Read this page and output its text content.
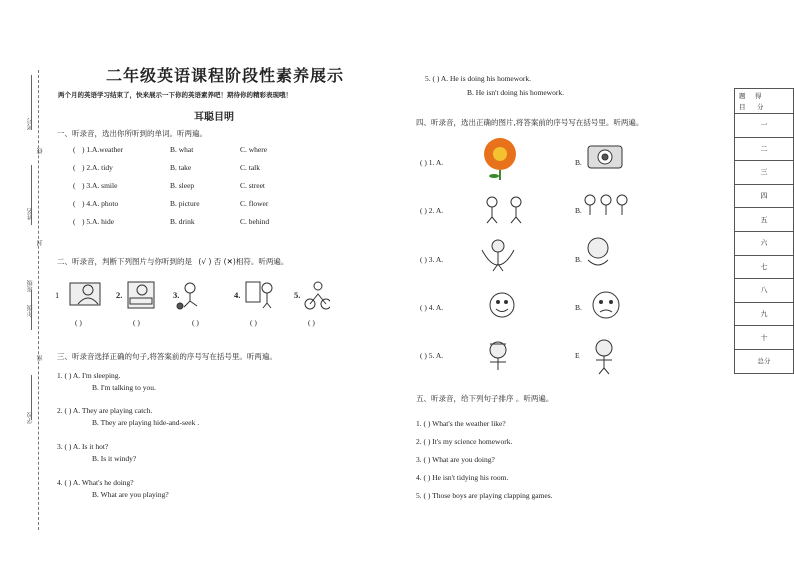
考号
线
姓名
封
班级
年级
密
学校
二年级英语课程阶段性素养展示
两个月的英语学习结束了，快来展示一下你的英语素养吧！期待你的精彩表现哦！
耳聪目明
一、听录音，选出你所听到的单词。听两遍。
( ) 1.A.weather	B. what	C. where
( ) 2.A. tidy	B. take	C. talk
( ) 3.A. smile	B. sleep	C. street
( ) 4.A. photo	B. picture	C. flower
( ) 5.A. hide	B. drink	C. behind
二、听录音，判断下列图片与你听到的是 (√ ) 否 (✕)相符。听两遍。
1	2.	3.	4.	5.
( )	( )	( )	( )	( )
三、听录音选择正确的句子,将答案前的序号写在括号里。听两遍。
1. ( ) A. I'm sleeping.
B. I'm talking to you.
2. ( ) A. They are playing catch.
B. They are playing hide-and-seek .
3. ( ) A. Is it hot?
B. Is it windy?
4. ( ) A. What's he doing?
B. What are you playing?
5. ( ) A. He is doing his homework.
B. He isn't doing his homework.
四、听录音，选出正确的图片,将答案前的序号写在括号里。听两遍。
( ) 1. A.	B.
( ) 2. A.	B.
( ) 3. A.	B.
( ) 4. A.	B.
( ) 5. A.	E
五、听录音，给下列句子排序 。听两遍。
1. ( ) What's the weather like?
2. ( ) It's my science homework.
3. ( ) What are you doing?
4. ( ) He isn't tidying his room.
5. ( ) Those boys are playing clapping games.
题 得
目 分

一
二
三
四
五
六
七
八
九
十
总分
